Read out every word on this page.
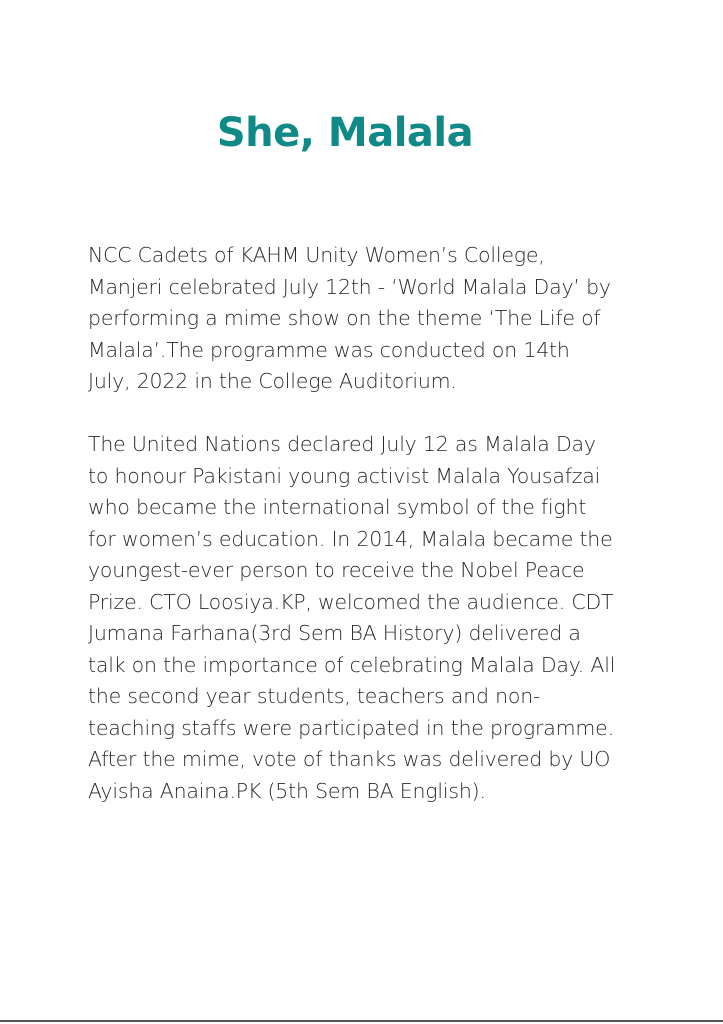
She, Malala

NCC Cadets of KAHM Unity Women’s College,
Manjeri celebrated July 12th - ‘World Malala Day’ by
performing a mime show on the theme ‘The Life of
Malala’.The programme was conducted on 14th
July, 2022 in the College Auditorium.

The United Nations declared July 12 as Malala Day
to honour Pakistani young activist Malala Yousafzai
who became the international symbol of the fight
for women’s education. In 2014, Malala became the
youngest-ever person to receive the Nobel Peace
Prize. CTO Loosiya.KP, welcomed the audience. CDT
Jumana Farhana(3rd Sem BA History) delivered a
talk on the importance of celebrating Malala Day. All
the second year students, teachers and non-
teaching staffs were participated in the programme.
After the mime, vote of thanks was delivered by UO
Ayisha Anaina.PK (5th Sem BA English).
